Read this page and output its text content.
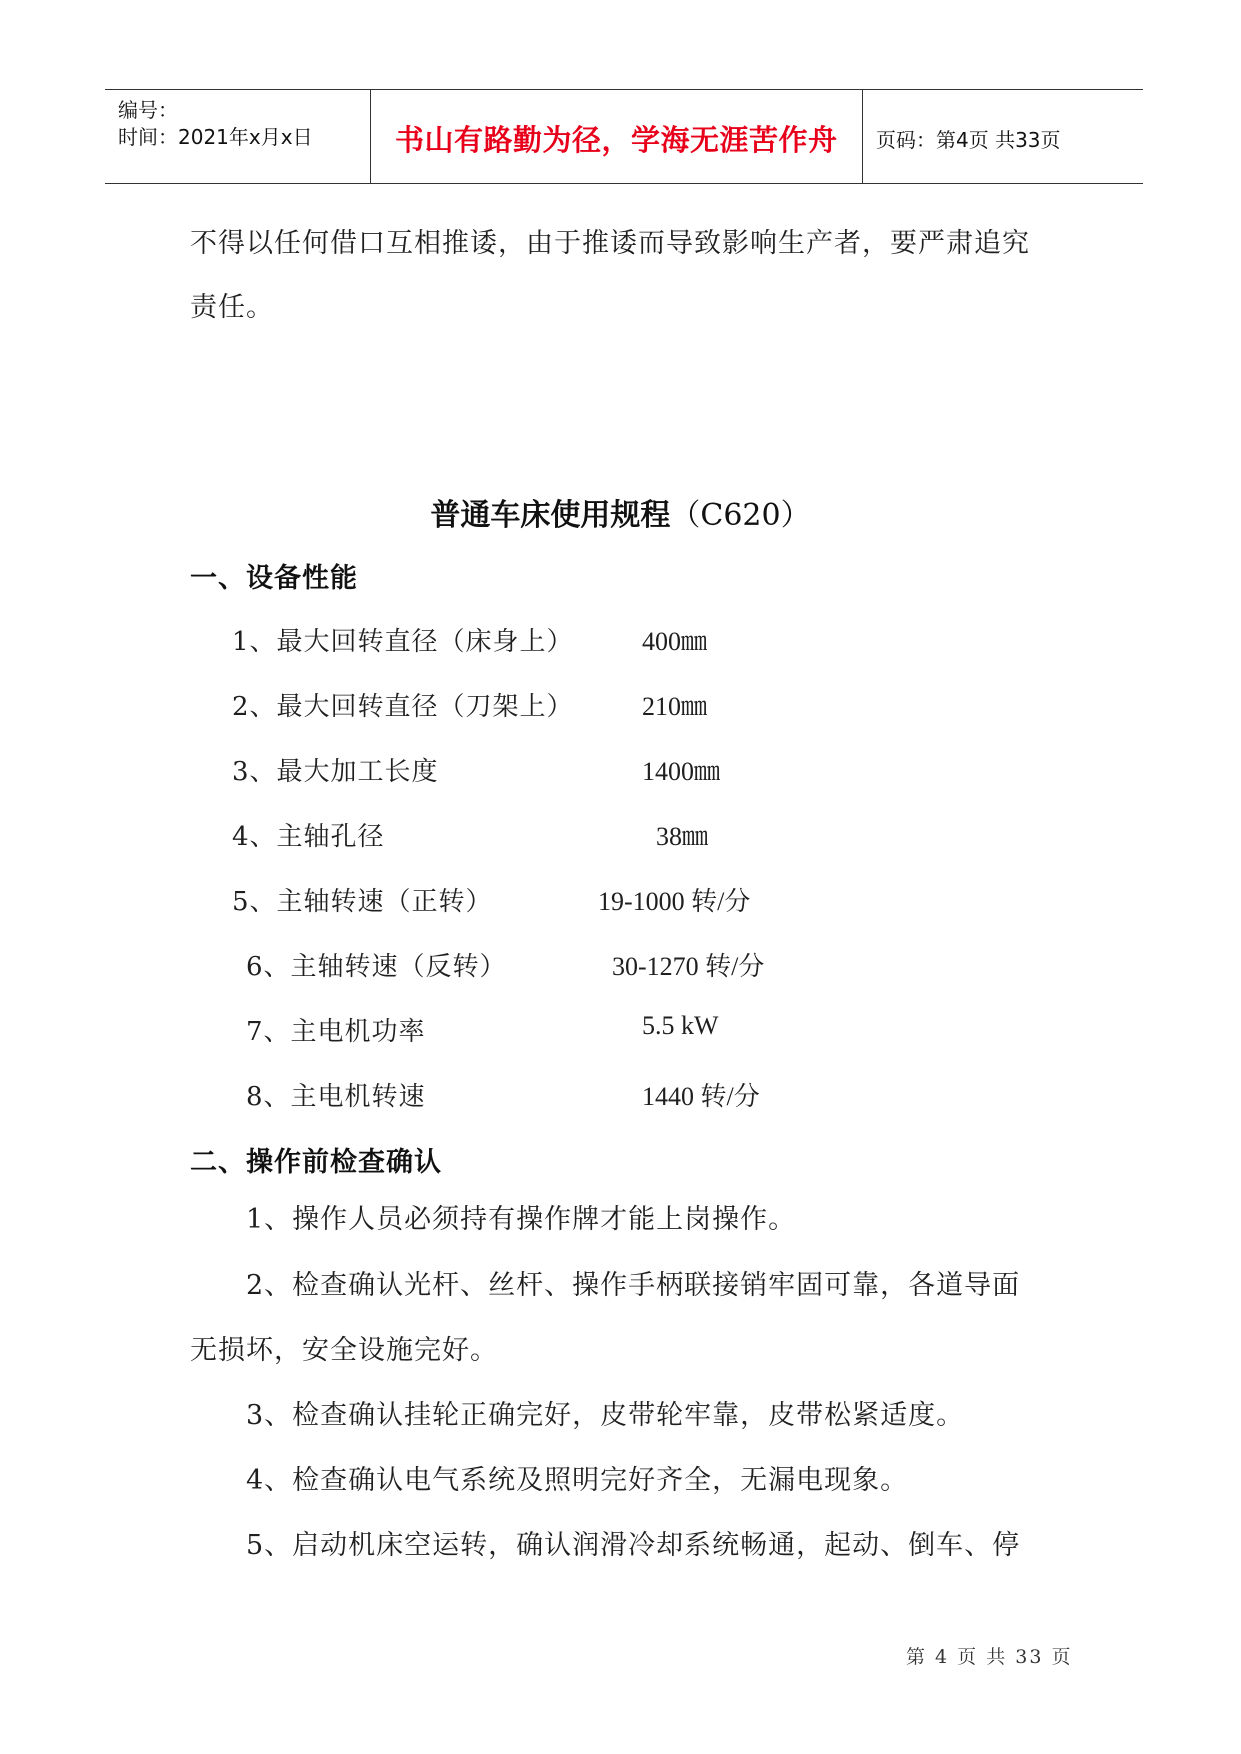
编号：
时间：2021年x月x日	书山有路勤为径，学海无涯苦作舟 页码：第4页 共33页
不得以任何借口互相推诿，由于推诿而导致影响生产者，要严肃追究
责任。
普通车床使用规程（C620）
一、设备性能
1、最大回转直径（床身上）	400㎜
2、最大回转直径（刀架上）	210㎜
3、最大加工长度	1400㎜
4、主轴孔径	38㎜
5、主轴转速（正转）	19-1000 转/分
6、主轴转速（反转）	30-1270 转/分
7、主电机功率	5.5 kW
8、主电机转速	1440 转/分
二、操作前检查确认
1、操作人员必须持有操作牌才能上岗操作。
2、检查确认光杆、丝杆、操作手柄联接销牢固可靠，各道导面
无损坏，安全设施完好。
3、检查确认挂轮正确完好，皮带轮牢靠，皮带松紧适度。
4、检查确认电气系统及照明完好齐全，无漏电现象。
5、启动机床空运转，确认润滑冷却系统畅通，起动、倒车、停
第 4 页 共 33 页
